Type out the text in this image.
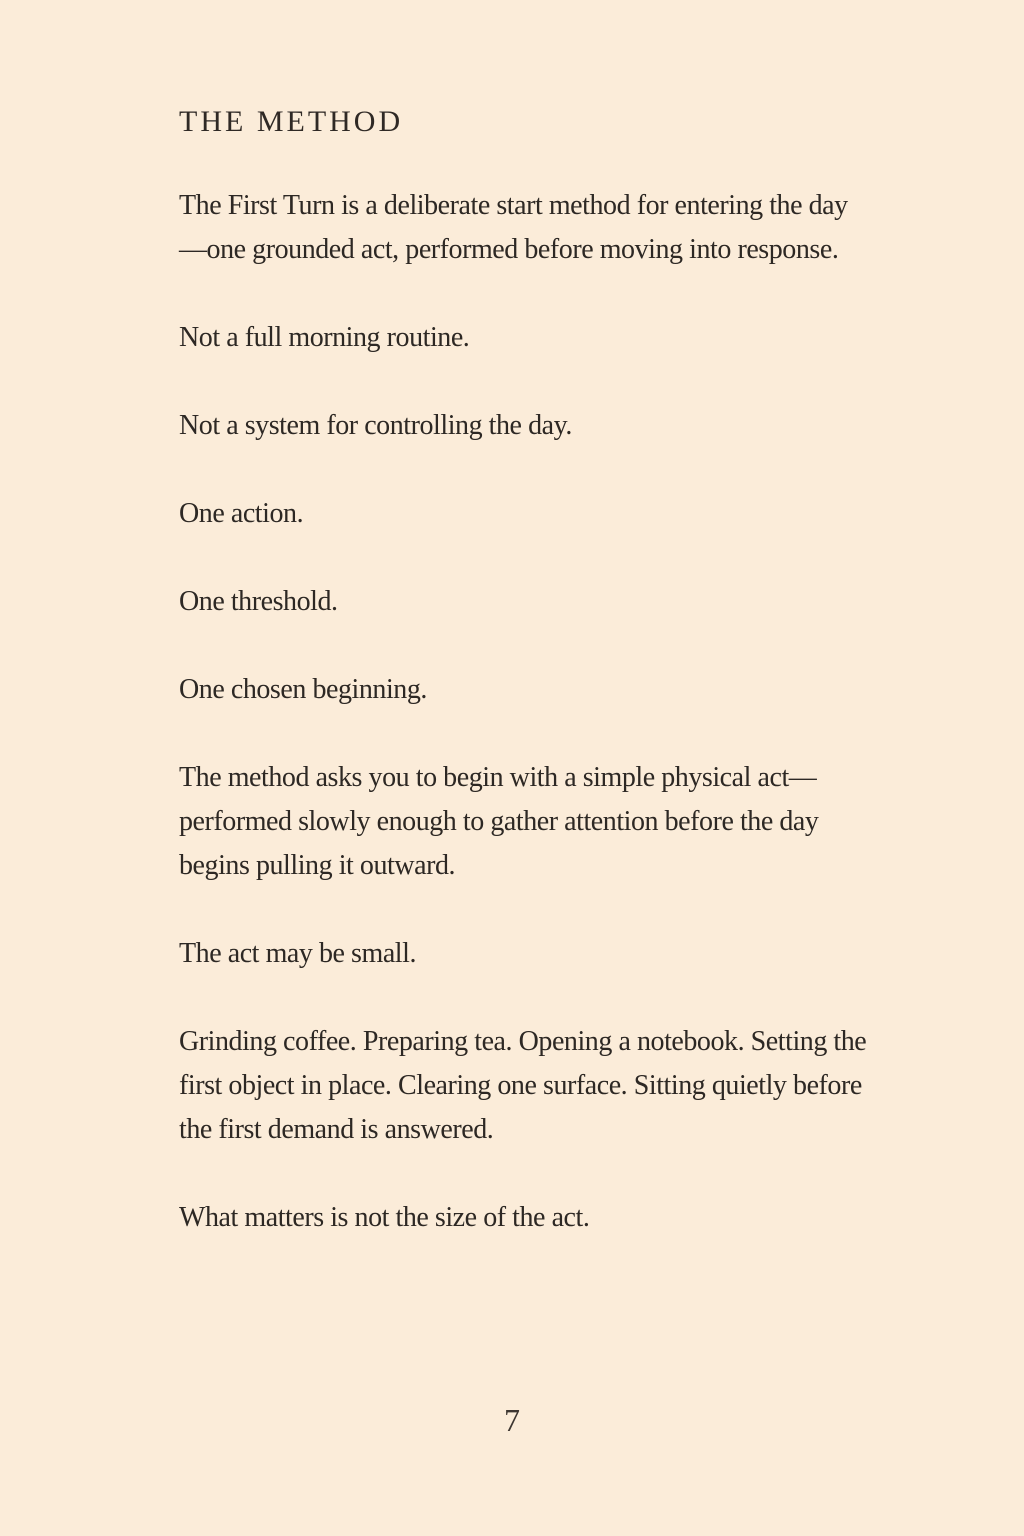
THE METHOD

The First Turn is a deliberate start method for entering the day—one grounded act, performed before moving into response.

Not a full morning routine.

Not a system for controlling the day.

One action.

One threshold.

One chosen beginning.

The method asks you to begin with a simple physical act—performed slowly enough to gather attention before the day begins pulling it outward.

The act may be small.

Grinding coffee. Preparing tea. Opening a notebook. Setting the first object in place. Clearing one surface. Sitting quietly before the first demand is answered.

What matters is not the size of the act.

7
